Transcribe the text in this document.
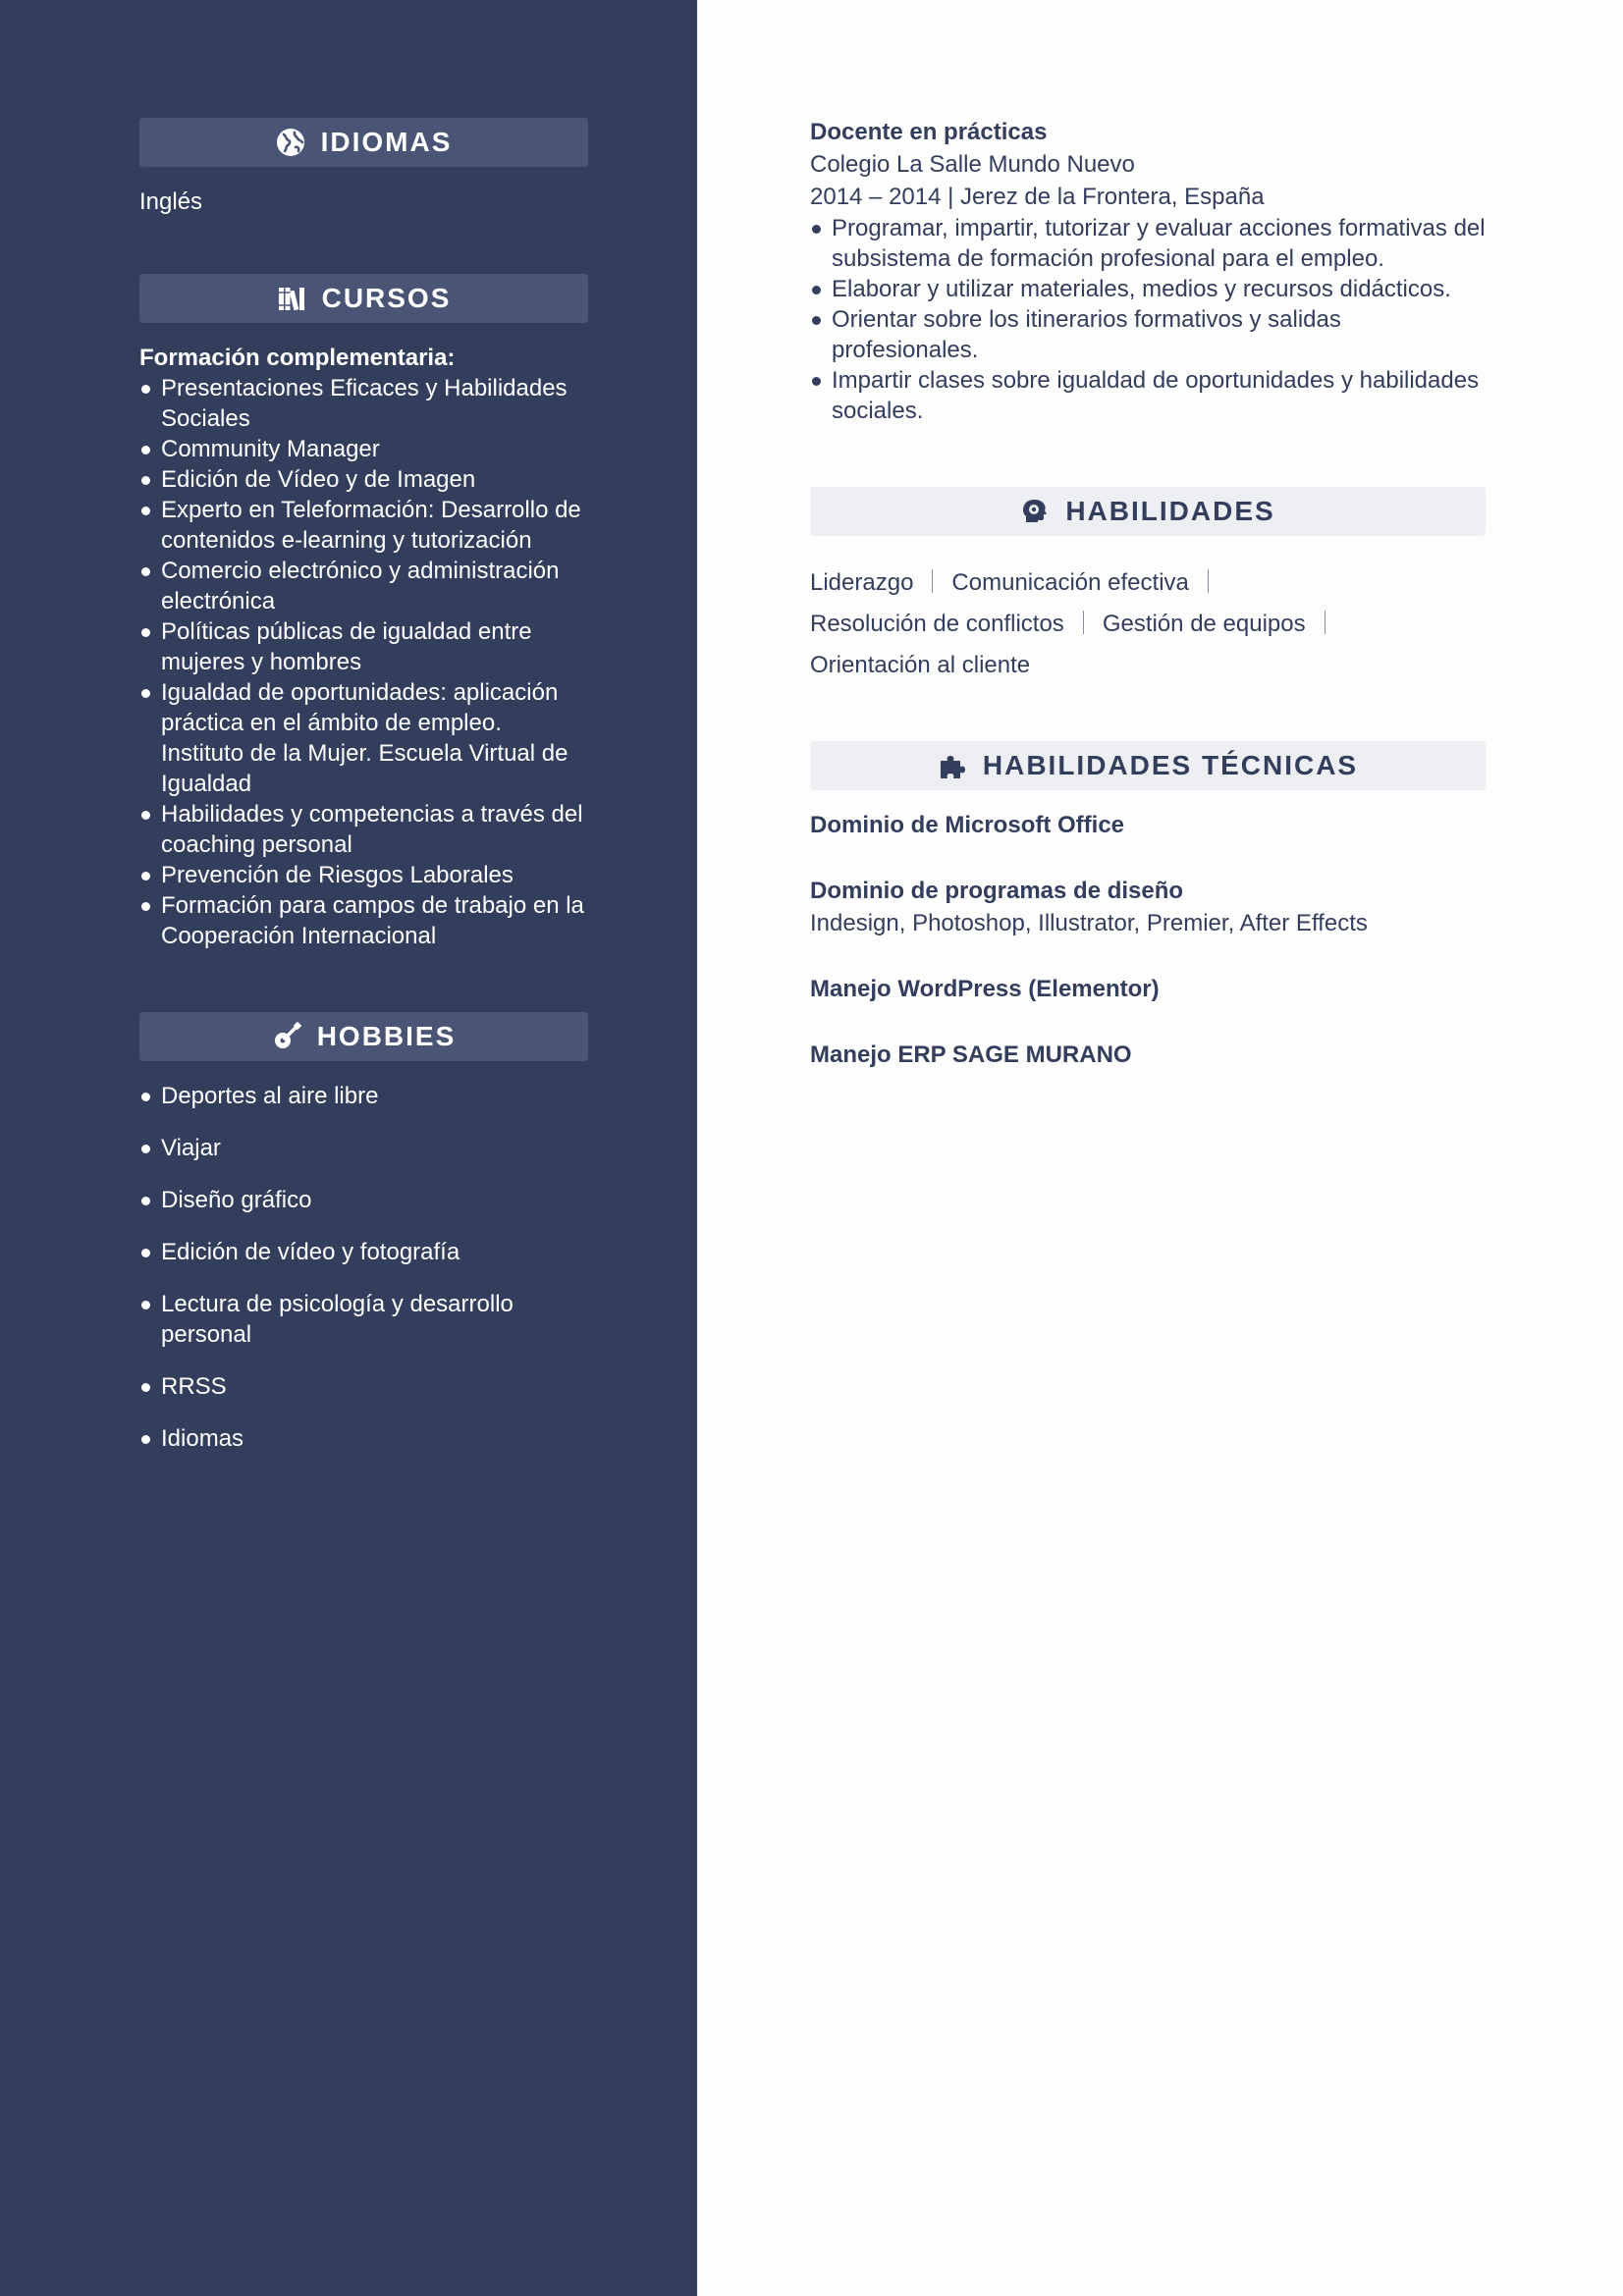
IDIOMAS
Inglés
CURSOS
Formación complementaria:
Presentaciones Eficaces y Habilidades Sociales
Community Manager
Edición de Vídeo y de Imagen
Experto en Teleformación: Desarrollo de contenidos e-learning y tutorización
Comercio electrónico y administración electrónica
Políticas públicas de igualdad entre mujeres y hombres
Igualdad de oportunidades: aplicación práctica en el ámbito de empleo. Instituto de la Mujer. Escuela Virtual de Igualdad
Habilidades y competencias a través del coaching personal
Prevención de Riesgos Laborales
Formación para campos de trabajo en la Cooperación Internacional
HOBBIES
Deportes al aire libre
Viajar
Diseño gráfico
Edición de vídeo y fotografía
Lectura de psicología y desarrollo personal
RRSS
Idiomas
Docente en prácticas
Colegio La Salle Mundo Nuevo
2014 – 2014 | Jerez de la Frontera, España
Programar, impartir, tutorizar y evaluar acciones formativas del subsistema de formación profesional para el empleo.
Elaborar y utilizar materiales, medios y recursos didácticos.
Orientar sobre los itinerarios formativos y salidas profesionales.
Impartir clases sobre igualdad de oportunidades y habilidades sociales.
HABILIDADES
Liderazgo	Comunicación efectiva
Resolución de conflictos	Gestión de equipos
Orientación al cliente
HABILIDADES TÉCNICAS
Dominio de Microsoft Office
Dominio de programas de diseño
Indesign, Photoshop, Illustrator, Premier, After Effects
Manejo WordPress (Elementor)
Manejo ERP SAGE MURANO
